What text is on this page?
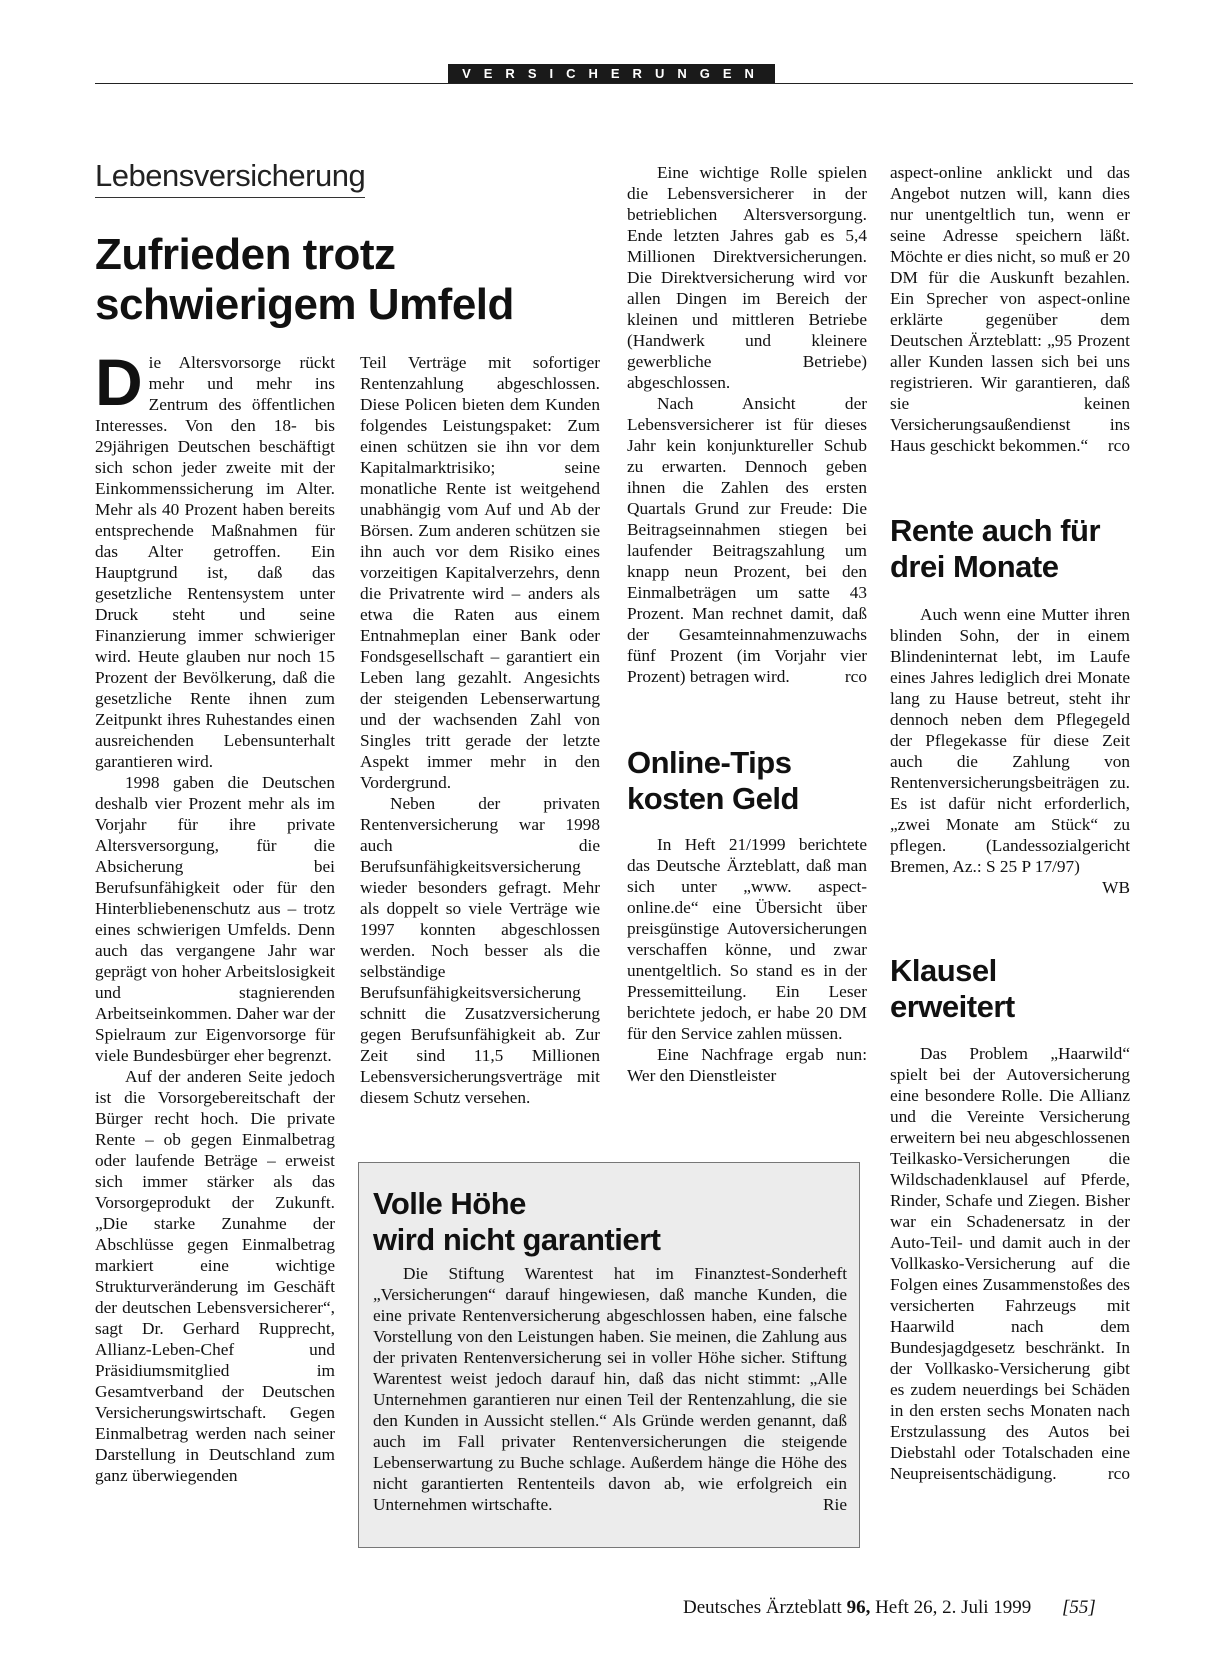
VERSICHERUNGEN
Lebensversicherung
Zufrieden trotz
schwierigem Umfeld

Die Altersvorsorge rückt mehr und mehr ins Zentrum des öffentlichen Interesses. Von den 18- bis 29jährigen Deutschen beschäftigt sich schon jeder zweite mit der Einkommenssicherung im Alter. Mehr als 40 Prozent haben bereits entsprechende Maßnahmen für das Alter getroffen. Ein Hauptgrund ist, daß das gesetzliche Rentensystem unter Druck steht und seine Finanzierung immer schwieriger wird. Heute glauben nur noch 15 Prozent der Bevölkerung, daß die gesetzliche Rente ihnen zum Zeitpunkt ihres Ruhestandes einen ausreichenden Lebensunterhalt garantieren wird.

1998 gaben die Deutschen deshalb vier Prozent mehr als im Vorjahr für ihre private Altersversorgung, für die Absicherung bei Berufsunfähigkeit oder für den Hinterbliebenenschutz aus – trotz eines schwierigen Umfelds. Denn auch das vergangene Jahr war geprägt von hoher Arbeitslosigkeit und stagnierenden Arbeitseinkommen. Daher war der Spielraum zur Eigenvorsorge für viele Bundesbürger eher begrenzt.

Auf der anderen Seite jedoch ist die Vorsorgebereitschaft der Bürger recht hoch. Die private Rente – ob gegen Einmalbetrag oder laufende Beträge – erweist sich immer stärker als das Vorsorgeprodukt der Zukunft. „Die starke Zunahme der Abschlüsse gegen Einmalbetrag markiert eine wichtige Strukturveränderung im Geschäft der deutschen Lebensversicherer“, sagt Dr. Gerhard Rupprecht, Allianz-Leben-Chef und Präsidiumsmitglied im Gesamtverband der Deutschen Versicherungswirtschaft. Gegen Einmalbetrag werden nach seiner Darstellung in Deutschland zum ganz überwiegenden

Teil Verträge mit sofortiger Rentenzahlung abgeschlossen. Diese Policen bieten dem Kunden folgendes Leistungspaket: Zum einen schützen sie ihn vor dem Kapitalmarktrisiko; seine monatliche Rente ist weitgehend unabhängig vom Auf und Ab der Börsen. Zum anderen schützen sie ihn auch vor dem Risiko eines vorzeitigen Kapitalverzehrs, denn die Privatrente wird – anders als etwa die Raten aus einem Entnahmeplan einer Bank oder Fondsgesellschaft – garantiert ein Leben lang gezahlt. Angesichts der steigenden Lebenserwartung und der wachsenden Zahl von Singles tritt gerade der letzte Aspekt immer mehr in den Vordergrund.

Neben der privaten Rentenversicherung war 1998 auch die Berufsunfähigkeitsversicherung wieder besonders gefragt. Mehr als doppelt so viele Verträge wie 1997 konnten abgeschlossen werden. Noch besser als die selbständige Berufsunfähigkeitsversicherung schnitt die Zusatzversicherung gegen Berufsunfähigkeit ab. Zur Zeit sind 11,5 Millionen Lebensversicherungsverträge mit diesem Schutz versehen.

Eine wichtige Rolle spielen die Lebensversicherer in der betrieblichen Altersversorgung. Ende letzten Jahres gab es 5,4 Millionen Direktversicherungen. Die Direktversicherung wird vor allen Dingen im Bereich der kleinen und mittleren Betriebe (Handwerk und kleinere gewerbliche Betriebe) abgeschlossen.

Nach Ansicht der Lebensversicherer ist für dieses Jahr kein konjunktureller Schub zu erwarten. Dennoch geben ihnen die Zahlen des ersten Quartals Grund zur Freude: Die Beitragseinnahmen stiegen bei laufender Beitragszahlung um knapp neun Prozent, bei den Einmalbeträgen um satte 43 Prozent. Man rechnet damit, daß der Gesamteinnahmenzuwachs fünf Prozent (im Vorjahr vier Prozent) betragen wird.	rco

Online-Tips
kosten Geld

In Heft 21/1999 berichtete das Deutsche Ärzteblatt, daß man sich unter „www. aspect-online.de“ eine Übersicht über preisgünstige Autoversicherungen verschaffen könne, und zwar unentgeltlich. So stand es in der Pressemitteilung. Ein Leser berichtete jedoch, er habe 20 DM für den Service zahlen müssen.

Eine Nachfrage ergab nun: Wer den Dienstleister

aspect-online anklickt und das Angebot nutzen will, kann dies nur unentgeltlich tun, wenn er seine Adresse speichern läßt. Möchte er dies nicht, so muß er 20 DM für die Auskunft bezahlen. Ein Sprecher von aspect-online erklärte gegenüber dem Deutschen Ärzteblatt: „95 Prozent aller Kunden lassen sich bei uns registrieren. Wir garantieren, daß sie keinen Versicherungsaußendienst ins Haus geschickt bekommen.“ rco

Rente auch für
drei Monate

Auch wenn eine Mutter ihren blinden Sohn, der in einem Blindeninternat lebt, im Laufe eines Jahres lediglich drei Monate lang zu Hause betreut, steht ihr dennoch neben dem Pflegegeld der Pflegekasse für diese Zeit auch die Zahlung von Rentenversicherungsbeiträgen zu. Es ist dafür nicht erforderlich, „zwei Monate am Stück“ zu pflegen. (Landessozialgericht Bremen, Az.: S 25 P 17/97)
WB

Klausel
erweitert

Das Problem „Haarwild“ spielt bei der Autoversicherung eine besondere Rolle. Die Allianz und die Vereinte Versicherung erweitern bei neu abgeschlossenen Teilkasko-Versicherungen die Wildschadenklausel auf Pferde, Rinder, Schafe und Ziegen. Bisher war ein Schadenersatz in der Auto-Teil- und damit auch in der Vollkasko-Versicherung auf die Folgen eines Zusammenstoßes des versicherten Fahrzeugs mit Haarwild nach dem Bundesjagdgesetz beschränkt. In der Vollkasko-Versicherung gibt es zudem neuerdings bei Schäden in den ersten sechs Monaten nach Erstzulassung des Autos bei Diebstahl oder Totalschaden eine Neupreisentschädigung.	rco

Volle Höhe
wird nicht garantiert

Die Stiftung Warentest hat im Finanztest-Sonderheft „Versicherungen“ darauf hingewiesen, daß manche Kunden, die eine private Rentenversicherung abgeschlossen haben, eine falsche Vorstellung von den Leistungen haben. Sie meinen, die Zahlung aus der privaten Rentenversicherung sei in voller Höhe sicher. Stiftung Warentest weist jedoch darauf hin, daß das nicht stimmt: „Alle Unternehmen garantieren nur einen Teil der Rentenzahlung, die sie den Kunden in Aussicht stellen.“ Als Gründe werden genannt, daß auch im Fall privater Rentenversicherungen die steigende Lebenserwartung zu Buche schlage. Außerdem hänge die Höhe des nicht garantierten Rententeils davon ab, wie erfolgreich ein Unternehmen wirtschafte.	Rie

Deutsches Ärzteblatt 96, Heft 26, 2. Juli 1999 [55]
